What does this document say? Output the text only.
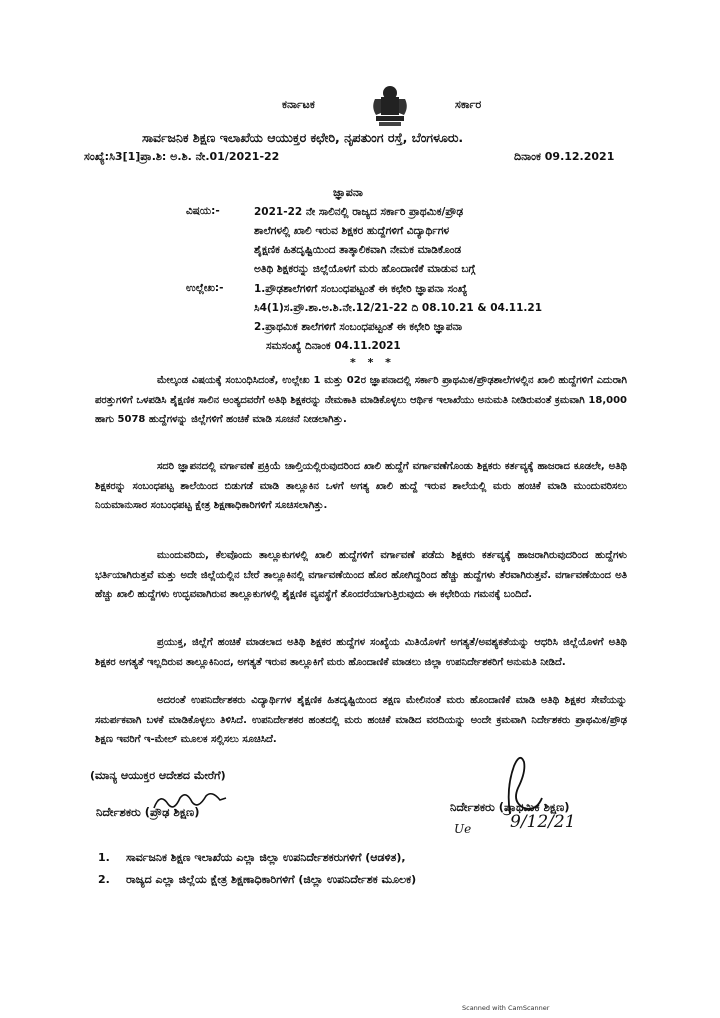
ಕರ್ನಾಟಕ	ಸರ್ಕಾರ
ಸಾರ್ವಜನಿಕ ಶಿಕ್ಷಣ ಇಲಾಖೆಯ ಆಯುಕ್ತರ ಕಛೇರಿ, ನೃಪತುಂಗ ರಸ್ತೆ, ಬೆಂಗಳೂರು.
ಸಂಖ್ಯೆ:ಸಿ3[1]ಪ್ರಾ.ಶಿ: ಅ.ಶಿ. ನೇ.01/2021-22	ದಿನಾಂಕ 09.12.2021
ಜ್ಞಾಪನಾ
ವಿಷಯ:-	2021-22 ನೇ ಸಾಲಿನಲ್ಲಿ ರಾಜ್ಯದ ಸರ್ಕಾರಿ ಪ್ರಾಥಮಿಕ/ಪ್ರೌಢ
ಶಾಲೆಗಳಲ್ಲಿ ಖಾಲಿ ಇರುವ ಶಿಕ್ಷಕರ ಹುದ್ದೆಗಳಿಗೆ ವಿದ್ಯಾರ್ಥಿಗಳ
ಶೈಕ್ಷಣಿಕ ಹಿತದೃಷ್ಟಿಯಿಂದ ತಾತ್ಕಾಲಿಕವಾಗಿ ನೇಮಕ ಮಾಡಿಕೊಂಡ
ಅತಿಥಿ ಶಿಕ್ಷಕರನ್ನು ಜಿಲ್ಲೆಯೊಳಗೆ ಮರು ಹೊಂದಾಣಿಕೆ ಮಾಡುವ ಬಗ್ಗೆ
ಉಲ್ಲೇಖ:-	1.ಪ್ರೌಢಶಾಲೆಗಳಿಗೆ ಸಂಬಂಧಪಟ್ಟಂತೆ ಈ ಕಛೇರಿ ಜ್ಞಾಪನಾ ಸಂಖ್ಯೆ
ಸಿ4(1)ಸ.ಪ್ರೌ.ಶಾ.ಅ.ಶಿ.ನೇ.12/21-22 ದಿ 08.10.21 & 04.11.21
2.ಪ್ರಾಥಮಿಕ ಶಾಲೆಗಳಿಗೆ ಸಂಬಂಧಪಟ್ಟಂತೆ ಈ ಕಛೇರಿ ಜ್ಞಾಪನಾ
ಸಮಸಂಖ್ಯೆ ದಿನಾಂಕ 04.11.2021
* * *
ಮೇಲ್ಕಂಡ ವಿಷಯಕ್ಕೆ ಸಂಬಂಧಿಸಿದಂತೆ, ಉಲ್ಲೇಖ 1 ಮತ್ತು 02ರ ಜ್ಞಾಪನಾದಲ್ಲಿ ಸರ್ಕಾರಿ ಪ್ರಾಥಮಿಕ/ಪ್ರೌಢಶಾಲೆಗಳಲ್ಲಿನ ಖಾಲಿ ಹುದ್ದೆಗಳಿಗೆ ಎದುರಾಗಿ ಪರತ್ತುಗಳಿಗೆ ಒಳಪಡಿಸಿ ಶೈಕ್ಷಣಿಕ ಸಾಲಿನ ಅಂತ್ಯದವರೆಗೆ ಅತಿಥಿ ಶಿಕ್ಷಕರನ್ನು ನೇಮಕಾತಿ ಮಾಡಿಕೊಳ್ಳಲು ಆರ್ಥಿಕ ಇಲಾಖೆಯು ಅನುಮತಿ ನೀಡಿರುವಂತೆ ಕ್ರಮವಾಗಿ 18,000 ಹಾಗು 5078 ಹುದ್ದೆಗಳನ್ನು ಜಿಲ್ಲೆಗಳಿಗೆ ಹಂಚಿಕೆ ಮಾಡಿ ಸೂಚನೆ ನೀಡಲಾಗಿತ್ತು.
ಸದರಿ ಜ್ಞಾಪನದಲ್ಲಿ ವರ್ಗಾವಣೆ ಪ್ರಕ್ರಿಯೆ ಚಾಲ್ತಿಯಲ್ಲಿರುವುದರಿಂದ ಖಾಲಿ ಹುದ್ದೆಗೆ ವರ್ಗಾವಣೆಗೊಂಡು ಶಿಕ್ಷಕರು ಕರ್ತವ್ಯಕ್ಕೆ ಹಾಜರಾದ ಕೂಡಲೇ, ಅತಿಥಿ ಶಿಕ್ಷಕರನ್ನು ಸಂಬಂಧಪಟ್ಟ ಶಾಲೆಯಿಂದ ಬಿಡುಗಡೆ ಮಾಡಿ ತಾಲ್ಲೂಕಿನ ಒಳಗೆ ಅಗತ್ಯ ಖಾಲಿ ಹುದ್ದೆ ಇರುವ ಶಾಲೆಯಲ್ಲಿ ಮರು ಹಂಚಿಕೆ ಮಾಡಿ ಮುಂದುವರಿಸಲು ನಿಯಮಾನುಸಾರ ಸಂಬಂಧಪಟ್ಟ ಕ್ಷೇತ್ರ ಶಿಕ್ಷಣಾಧಿಕಾರಿಗಳಿಗೆ ಸೂಚಿಸಲಾಗಿತ್ತು.
ಮುಂದುವರಿದು, ಕೆಲವೊಂದು ತಾಲ್ಲೂಕುಗಳಲ್ಲಿ ಖಾಲಿ ಹುದ್ದೆಗಳಿಗೆ ವರ್ಗಾವಣೆ ಪಡೆದು ಶಿಕ್ಷಕರು ಕರ್ತವ್ಯಕ್ಕೆ ಹಾಜರಾಗಿರುವುದರಿಂದ ಹುದ್ದೆಗಳು ಭರ್ತಿಯಾಗಿರುತ್ತವೆ ಮತ್ತು ಅದೇ ಜಿಲ್ಲೆಯಲ್ಲಿನ ಬೇರೆ ತಾಲ್ಲೂಕಿನಲ್ಲಿ ವರ್ಗಾವಣೆಯಿಂದ ಹೊರ ಹೋಗಿದ್ದರಿಂದ ಹೆಚ್ಚು ಹುದ್ದೆಗಳು ತೆರವಾಗಿರುತ್ತವೆ. ವರ್ಗಾವಣೆಯಿಂದ ಅತಿ ಹೆಚ್ಚು ಖಾಲಿ ಹುದ್ದೆಗಳು ಉದ್ಭವವಾಗಿರುವ ತಾಲ್ಲೂಕುಗಳಲ್ಲಿ ಶೈಕ್ಷಣಿಕ ವ್ಯವಸ್ಥೆಗೆ ತೊಂದರೆಯಾಗುತ್ತಿರುವುದು ಈ ಕಛೇರಿಯ ಗಮನಕ್ಕೆ ಬಂದಿದೆ.
ಪ್ರಯುಕ್ತ, ಜಿಲ್ಲೆಗೆ ಹಂಚಿಕೆ ಮಾಡಲಾದ ಅತಿಥಿ ಶಿಕ್ಷಕರ ಹುದ್ದೆಗಳ ಸಂಖ್ಯೆಯ ಮಿತಿಯೊಳಗೆ ಅಗತ್ಯತೆ/ಅವಶ್ಯಕತೆಯನ್ನು ಆಧರಿಸಿ ಜಿಲ್ಲೆಯೊಳಗೆ ಅತಿಥಿ ಶಿಕ್ಷಕರ ಅಗತ್ಯತೆ ಇಲ್ಲದಿರುವ ತಾಲ್ಲೂಕಿನಿಂದ, ಅಗತ್ಯತೆ ಇರುವ ತಾಲ್ಲೂಕಿಗೆ ಮರು ಹೊಂದಾಣಿಕೆ ಮಾಡಲು ಜಿಲ್ಲಾ ಉಪನಿರ್ದೇಶಕರಿಗೆ ಅನುಮತಿ ನೀಡಿದೆ.
ಅದರಂತೆ ಉಪನಿರ್ದೇಶಕರು ವಿದ್ಯಾರ್ಥಿಗಳ ಶೈಕ್ಷಣಿಕ ಹಿತದೃಷ್ಟಿಯಿಂದ ತಕ್ಷಣ ಮೇಲಿನಂತೆ ಮರು ಹೊಂದಾಣಿಕೆ ಮಾಡಿ ಅತಿಥಿ ಶಿಕ್ಷಕರ ಸೇವೆಯನ್ನು ಸಮರ್ಪಕವಾಗಿ ಬಳಕೆ ಮಾಡಿಕೊಳ್ಳಲು ತಿಳಿಸಿದೆ. ಉಪನಿರ್ದೇಶಕರ ಹಂತದಲ್ಲಿ ಮರು ಹಂಚಿಕೆ ಮಾಡಿದ ವರದಿಯನ್ನು ಅಂದೇ ಕ್ರಮವಾಗಿ ನಿರ್ದೇಶಕರು ಪ್ರಾಥಮಿಕ/ಪ್ರೌಢ ಶಿಕ್ಷಣ ಇವರಿಗೆ ಇ-ಮೇಲ್ ಮೂಲಕ ಸಲ್ಲಿಸಲು ಸೂಚಿಸಿದೆ.
(ಮಾನ್ಯ ಆಯುಕ್ತರ ಆದೇಶದ ಮೇರೆಗೆ)
ನಿರ್ದೇಶಕರು (ಪ್ರೌಢ ಶಿಕ್ಷಣ)	ನಿರ್ದೇಶಕರು (ಪ್ರಾಥಮಿಕ ಶಿಕ್ಷಣ)
Ue 9/12/21
1. ಸಾರ್ವಜನಿಕ ಶಿಕ್ಷಣ ಇಲಾಖೆಯ ಎಲ್ಲಾ ಜಿಲ್ಲಾ ಉಪನಿರ್ದೇಶಕರುಗಳಿಗೆ (ಆಡಳಿತ),
2. ರಾಜ್ಯದ ಎಲ್ಲಾ ಜಿಲ್ಲೆಯ ಕ್ಷೇತ್ರ ಶಿಕ್ಷಣಾಧಿಕಾರಿಗಳಿಗೆ (ಜಿಲ್ಲಾ ಉಪನಿರ್ದೇಶಕ ಮೂಲಕ)
Scanned with CamScanner
